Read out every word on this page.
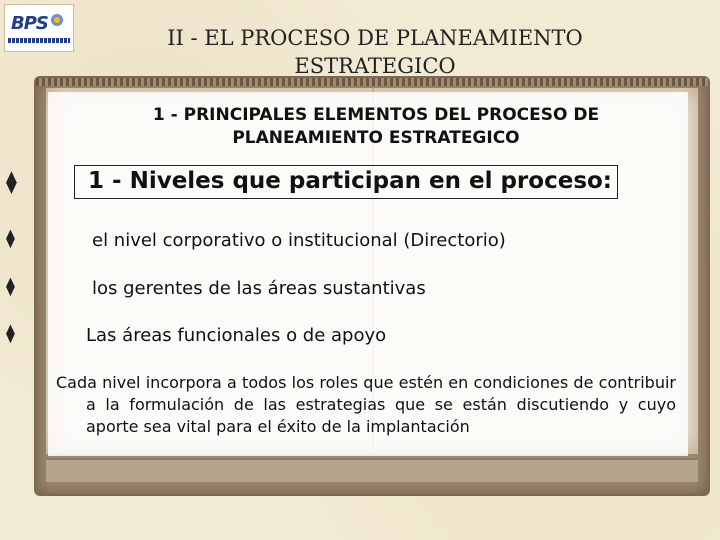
BPS
II - EL PROCESO DE PLANEAMIENTO ESTRATEGICO
1 - PRINCIPALES ELEMENTOS DEL PROCESO DE PLANEAMIENTO ESTRATEGICO
⧫	1 - Niveles que participan en el proceso:
⧫	el nivel corporativo o institucional (Directorio)
⧫	los gerentes de las áreas sustantivas
⧫	Las áreas funcionales o de apoyo
Cada nivel incorpora a todos los roles que estén en condiciones de contribuir a la formulación de las estrategias que se están discutiendo y cuyo aporte sea vital para el éxito de la implantación
